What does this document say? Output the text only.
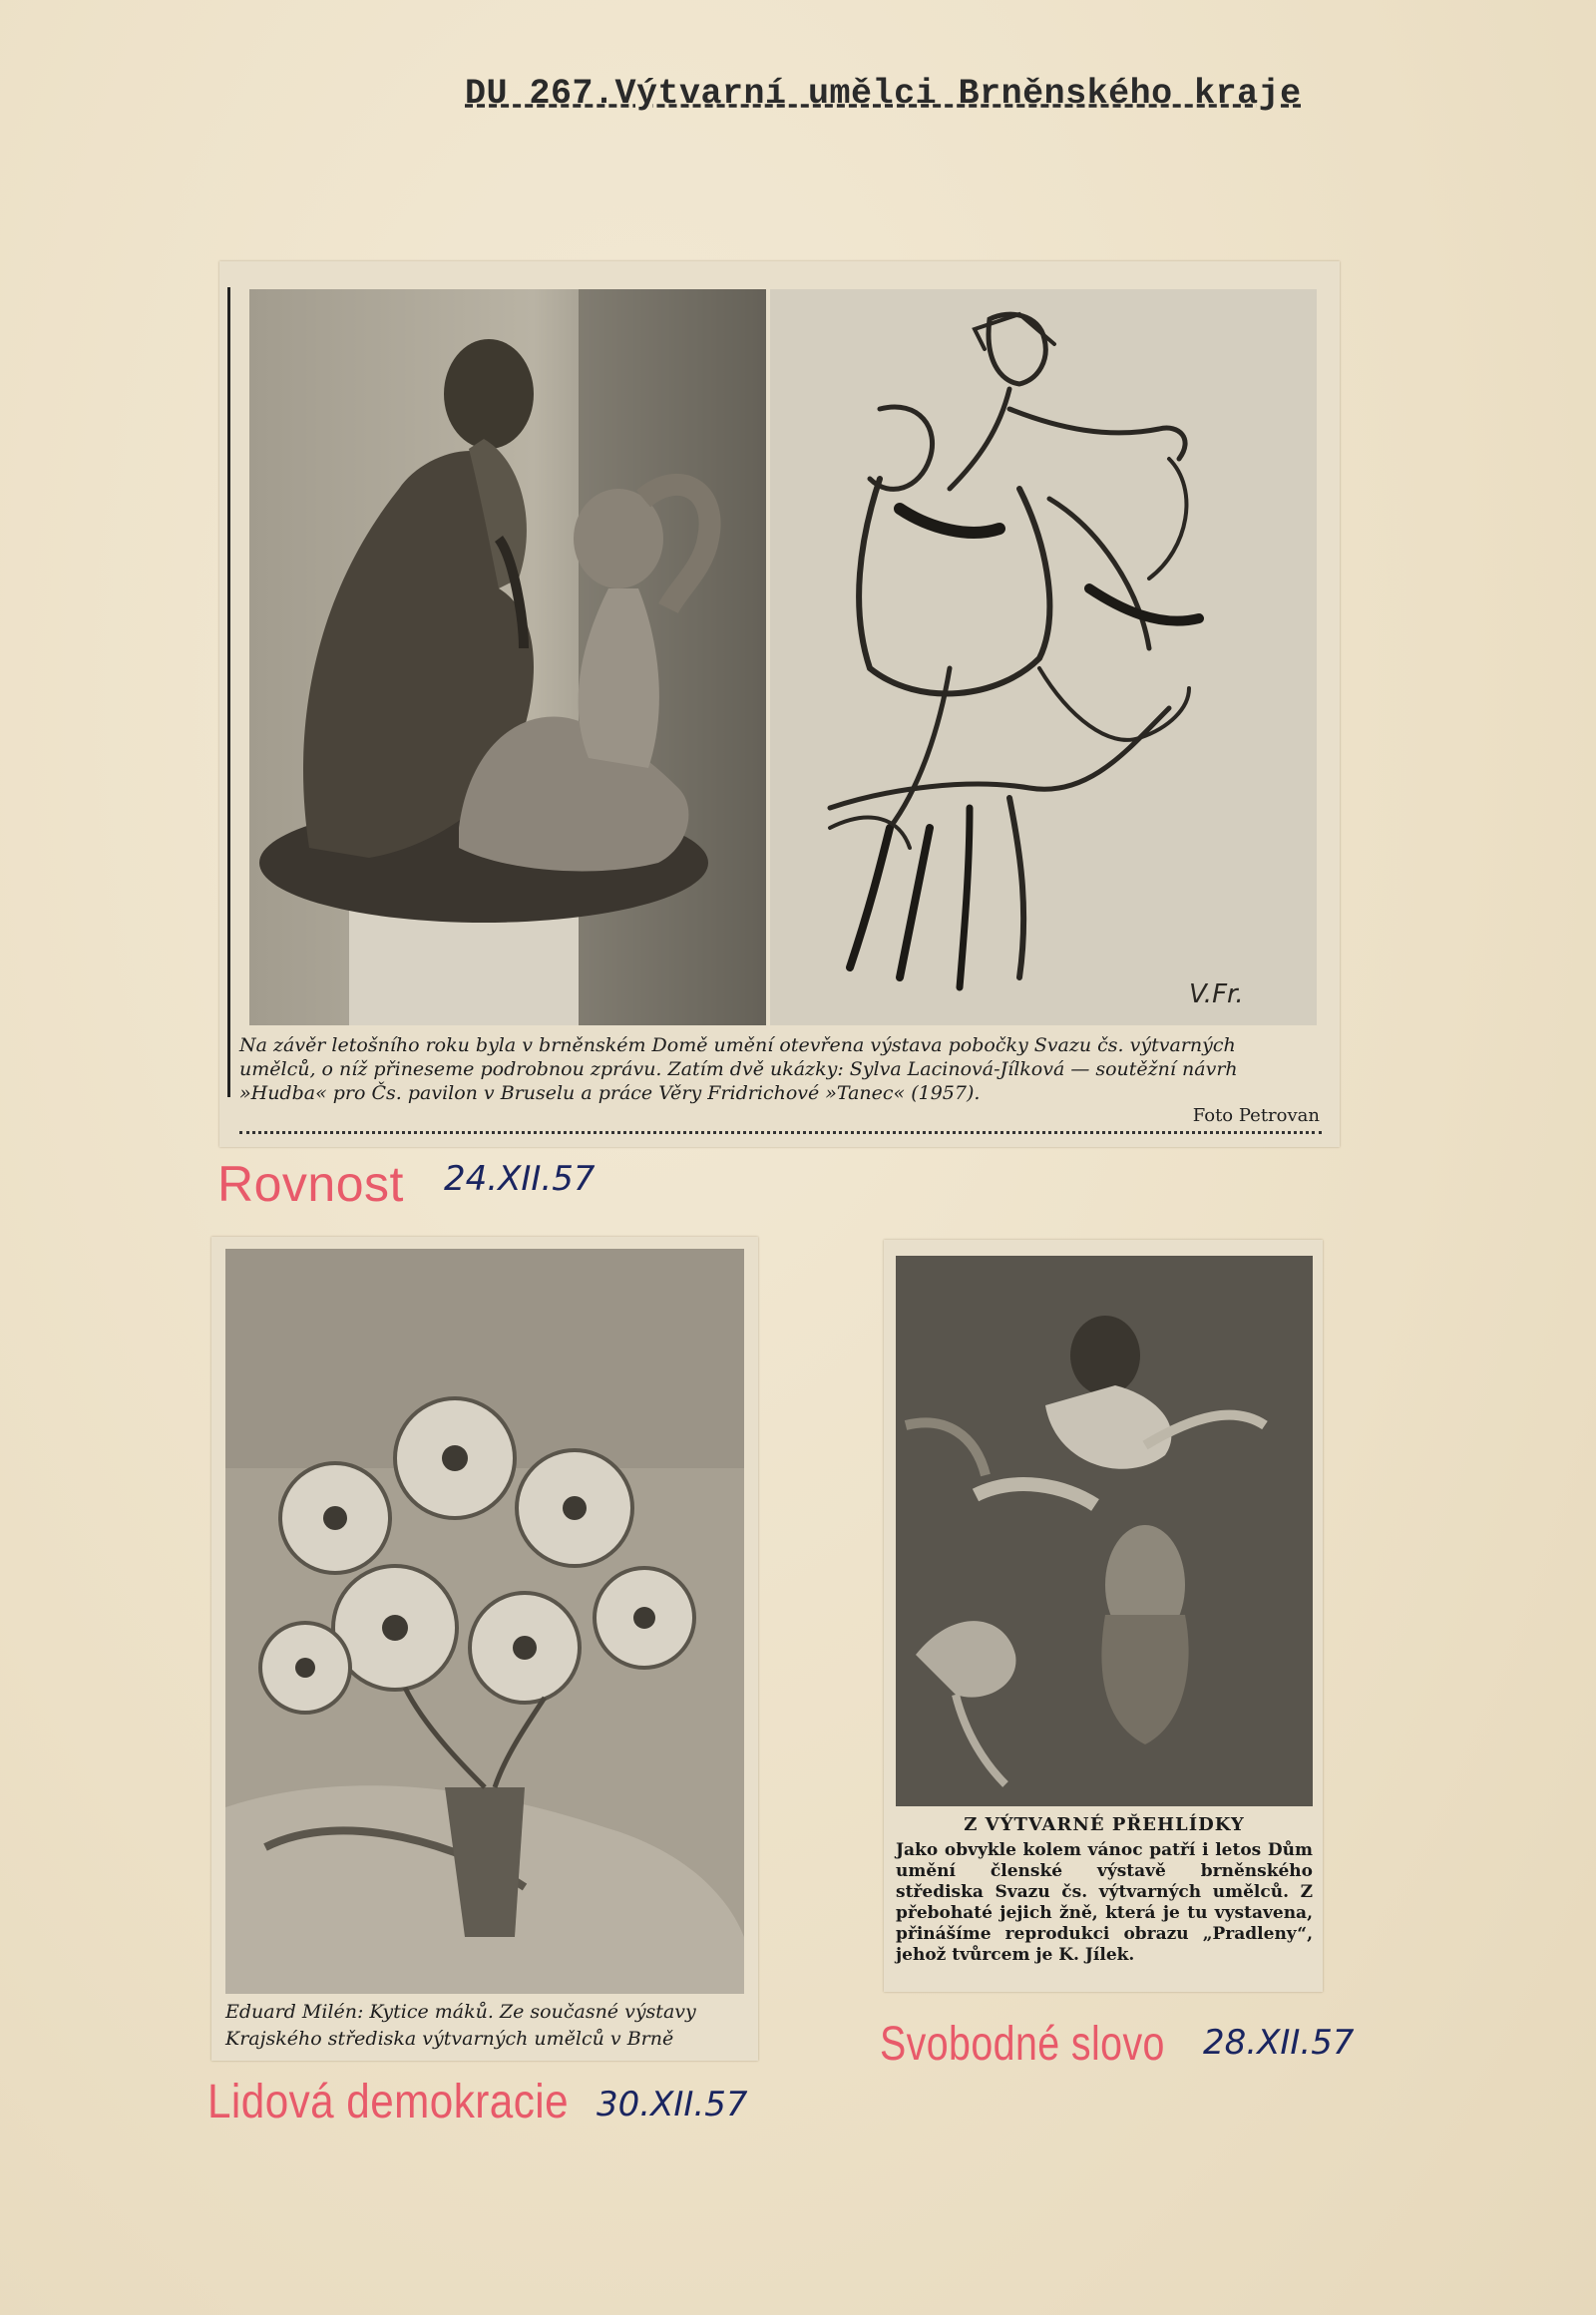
DU 267.Výtvarní umělci Brněnského kraje
V.Fr.
Na závěr letošního roku byla v brněnském Domě umění otevřena výstava pobočky Svazu čs. výtvarných umělců, o níž přineseme podrobnou zprávu. Zatím dvě ukázky: Sylva Lacinová-Jílková — soutěžní návrh »Hudba« pro Čs. pavilon v Bruselu a práce Věry Fridrichové »Tanec« (1957).
Foto Petrovan
Rovnost 24.XII.57
Eduard Milén: Kytice máků. Ze současné výstavy Krajského střediska výtvarných umělců v Brně
Lidová demokracie 30.XII.57
Z VÝTVARNÉ PŘEHLÍDKY
Jako obvykle kolem vánoc patří i letos Dům umění členské výstavě brněnského střediska Svazu čs. výtvarných umělců. Z přebohaté jejich žně, která je tu vystavena, přinášíme reprodukci obrazu „Pradleny“, jehož tvůrcem je K. Jílek.
Svobodné slovo 28.XII.57
